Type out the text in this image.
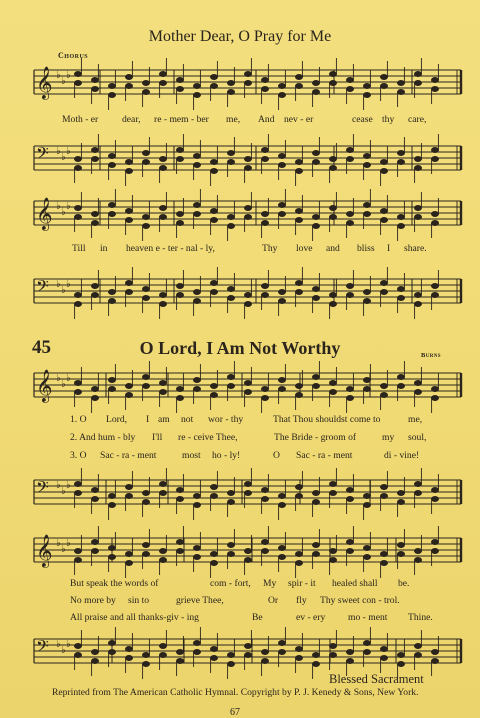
Mother Dear, O Pray for Me
Chorus
𝄞 ♭
♭
♭
𝄢 ♭
♭
♭
𝄞 ♭
♭
♭
𝄢 ♭
♭
♭
𝄞 ♭
♭
♭
𝄢 ♭
♭
♭
𝄞 ♭
♭
♭
𝄢 ♭
♭
♭
Moth - er dear, re - mem - ber me, And nev - er	cease thy care,
Till in heaven e - ter - nal - ly,	Thy love and bliss I share.
45	O Lord, I Am Not Worthy	Burns
1. O Lord, I am not wor - thy	That Thou shouldst come to	me,
2. And hum - bly I'll re - ceive Thee,	The Bride - groom of	my soul,
3. O Sac - ra - ment	most ho - ly!	O Sac - ra - ment	di - vine!
But speak the words of	com - fort, My spir - it healed shall be.
No more by sin to	grieve Thee,	Or fly Thy sweet con - trol.
All praise and all thanks-giv - ing	Be	ev - ery mo - ment Thine.
Blessed Sacrament
Reprinted from The American Catholic Hymnal. Copyright by P. J. Kenedy & Sons, New York.
67
